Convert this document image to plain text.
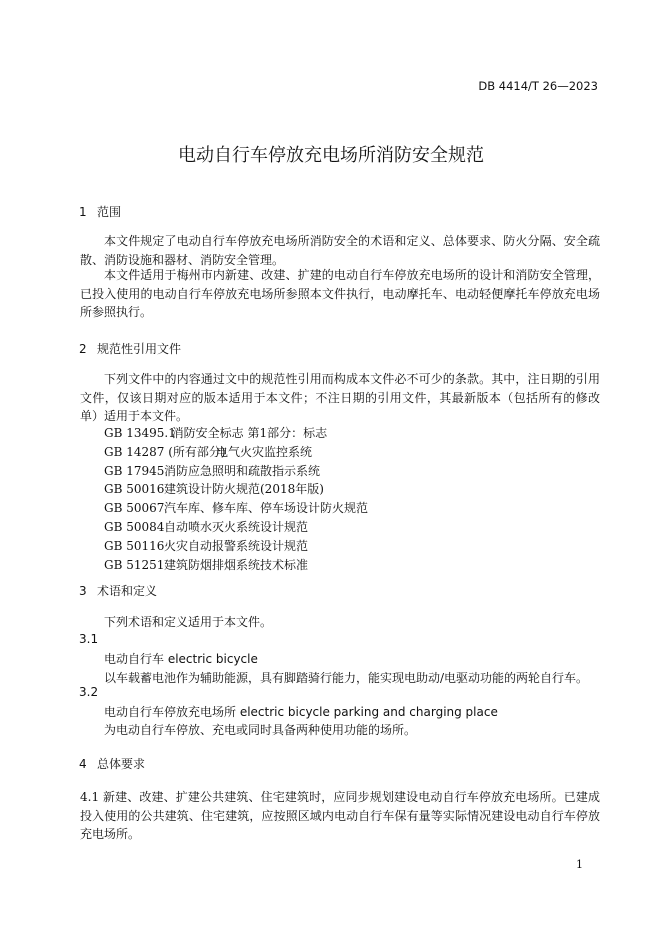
DB 4414/T 26—2023
电动自行车停放充电场所消防安全规范
1 范围
本文件规定了电动自行车停放充电场所消防安全的术语和定义、总体要求、防火分隔、安全疏散、消防设施和器材、消防安全管理。
本文件适用于梅州市内新建、改建、扩建的电动自行车停放充电场所的设计和消防安全管理，已投入使用的电动自行车停放充电场所参照本文件执行，电动摩托车、电动轻便摩托车停放充电场所参照执行。
2 规范性引用文件
下列文件中的内容通过文中的规范性引用而构成本文件必不可少的条款。其中，注日期的引用文件，仅该日期对应的版本适用于本文件；不注日期的引用文件，其最新版本（包括所有的修改单）适用于本文件。
GB 13495.1  消防安全标志 第1部分：标志
GB 14287 (所有部分)电气火灾监控系统
GB 17945消防应急照明和疏散指示系统
GB 50016建筑设计防火规范(2018年版)
GB 50067汽车库、修车库、停车场设计防火规范
GB 50084自动喷水灭火系统设计规范
GB 50116火灾自动报警系统设计规范
GB 51251建筑防烟排烟系统技术标准
3 术语和定义
下列术语和定义适用于本文件。
3.1
电动自行车 electric bicycle
以车载蓄电池作为辅助能源，具有脚踏骑行能力，能实现电助动/电驱动功能的两轮自行车。
3.2
电动自行车停放充电场所 electric bicycle parking and charging place
为电动自行车停放、充电或同时具备两种使用功能的场所。
4 总体要求
4.1 新建、改建、扩建公共建筑、住宅建筑时，应同步规划建设电动自行车停放充电场所。已建成投入使用的公共建筑、住宅建筑，应按照区域内电动自行车保有量等实际情况建设电动自行车停放充电场所。
1
